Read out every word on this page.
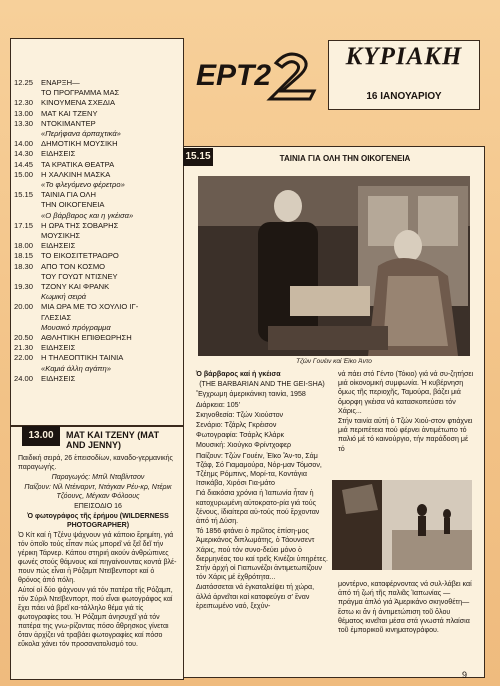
12.25	ΕΝΑΡΞΗ—
ΤΟ ΠΡΟΓΡΑΜΜΑ ΜΑΣ
12.30	ΚΙΝΟΥΜΕΝΑ ΣΧΕΔΙΑ
13.00	ΜΑΤ ΚΑΙ ΤΖΕΝΥ
13.30	ΝΤΟΚΙΜΑΝΤΕΡ
«Περήφανα άρπαχτικά»
14.00	ΔΗΜΟΤΙΚΗ ΜΟΥΣΙΚΗ
14.30	ΕΙΔΗΣΕΙΣ
14.45	ΤΑ ΚΡΑΤΙΚΑ ΘΕΑΤΡΑ
15.00	Η ΧΑΛΚΙΝΗ ΜΑΣΚΑ
«Το φλεγόμενο φέρετρο»
15.15	ΤΑΙΝΙΑ ΓΙΑ ΟΛΗ
ΤΗΝ ΟΙΚΟΓΕΝΕΙΑ
«Ο βάρβαρος και η γκέισα»
17.15	Η ΩΡΑ ΤΗΣ ΣΟΒΑΡΗΣ
ΜΟΥΣΙΚΗΣ
18.00	ΕΙΔΗΣΕΙΣ
18.15	ΤΟ ΕΙΚΟΣΙΤΕΤΡΑΩΡΟ
18.30	ΑΠΟ ΤΟΝ ΚΟΣΜΟ
ΤΟΥ ΓΟΥΩΤ ΝΤΙΣΝΕΥ
19.30	ΤΖΟΝΥ ΚΑΙ ΦΡΑΝΚ
Κωμική σειρά
20.00	ΜΙΑ ΩΡΑ ΜΕ ΤΟ ΧΟΥΛΙΟ ΙΓ-
ΓΛΕΣΙΑΣ
Μουσικό πρόγραμμα
20.50	ΑΘΛΗΤΙΚΗ ΕΠΙΘΕΩΡΗΣΗ
21.30	ΕΙΔΗΣΕΙΣ
22.00	Η ΤΗΛΕΟΠΤΙΚΗ ΤΑΙΝΙΑ
«Καμιά άλλη αγάπη»
24.00	ΕΙΔΗΣΕΙΣ
ΕΡΤ2
ΚΥΡΙΑΚΗ
16 ΙΑΝΟΥΑΡΙΟΥ
15.15	ΤΑΙΝΙΑ ΓΙΑ ΟΛΗ ΤΗΝ ΟΙΚΟΓΕΝΕΙΑ
Τζών Γουέιν καί Ἐϊκο Ἀντο

Ὁ βάρβαρος καί ἡ γκέισα

(THE BARBARIAN AND THE GEI-SHA)

Ἔγχρωμη ἀμερικάνικη ταινία, 1958

Διάρκεια: 105'

Σκηνοθεσία: Τζών Χιούστον

Σενάριο: Τζάρλς Γκρέισον

Φωτογραφία: Τσάρλς Κλάρκ

Μουσική: Χιούγκο Φρίντχοφερ

Παίζουν: Τζών Γουέιν, Ἐϊκο Ἄν-το, Σάμ Τζάφ, Σό Γιαμαμούρα, Νόρ-μαν Τόμσον, Τζέημς Ρόμπινς, Μορί-τα, Κοντάγια Ιτσικάβα, Χιρόσι Για-μάτο

Γιά διακόσια χρόνια ἡ Ἰαπωνία ἦταν ἡ κατοχυρωμένη αὐτοκρατο-ρία γιά τούς ξένους, ἰδιαίτερα αὐ-τούς πού ἔρχονταν ἀπό τή Δύση.

Τό 1856 φτάνει ὁ πρῶτος ἐπίση-μος Ἀμερικάνος διπλωμάτης, ὁ Τάουνσεντ Χάρις, πού τόν συνο-δεύει μόνο ὁ διερμηνέας του καί τρεῖς Κινέζοι ὑπηρέτες. Στήν ἀρχή οἱ Γιαπωνέζοι ἀντιμετωπίζουν τόν Χάρις μέ ἐχθρότητα...

Διατάσσεται νά ἐγκαταλείψει τή χώρα, ἀλλά ἀρνεῖται καί καταφεύγει σ' ἕναν ἐρειπωμένο ναό, ξεχύν-

νά πάει στό Γέντο (Τόκιο) γιά νά συ-ζητήσει μιά οἰκονομική συμφωνία. Ἡ κυβέρνηση ὅμως τῆς περιοχῆς, Ταμούρα, βάζει μιά ὄμορφη γκέισα νά κατασκοπεύσει τόν Χάρις...

Στήν ταινία αὐτή ὁ Τζών Χιού-στον φτιάχνει μιά περιπέτεια πού φέρνει ἀντιμέτωπο τό παλιό μέ τό καινούργιο, τήν παράδοση μέ τό

μοντέρνο, καταφέρνοντας νά συλ-λάβει καί ἀπό τή ζωή τῆς παλιᾶς Ἰαπωνίας —πράγμα ἀπλό γιά Ἀμερικάνο σκηνοθέτη— ἔστω κι ἄν ἡ ἀντιμετώπιση τοῦ ὅλου θέματος κινεῖται μέσα στά γνωστά πλαίσια τοῦ ἐμπορικοῦ κινηματογράφου.

13.00	ΜΑΤ ΚΑΙ ΤΖΕΝΥ (MAT AND JENNY)

Παιδική σειρά, 26 ἐπεισοδίων, καναδο-γερμανικής παραγωγής.

Παραγωγός: Μπίλ Νταβίντσον

Παίζουν: Νίλ Ντέιναρντ, Ντάγκαν Ρέυ-κρ, Ντέρικ Τζόουνς, Μέγκαν Φόλοους

ΕΠΕΙΣΟΔΙΟ 16

Ὁ φωτογράφος τῆς ἐρήμου (WILDERNESS PHOTOGRAPHER)

Ὁ Κίτ καί ἡ Τζένυ ψάχνουν γιά κάποιο ἔρημίτη, γιά τόν ὁποῖο τούς εἶπαν πώς μπορεῖ νά ξεῖ δεῖ τήν γέρικη Τάρνερ. Κάπου στηριή ακούν ἀνθρώπινες φωνές στούς θάμνους καί πηγαίνουντας κοντά βλέ-πουν πώς εἶναι ἡ Ρόζαμπ Ντεϊβενπορτ καί ὁ θρόνος ἀπό πόλη.

Αὐτοί οἱ δύο ψάχνουν γιά τόν πατέρα τῆς Ρόζαμπ, τόν Σύριλ Ντεϊβενπορτ, πού εἶναι φωτογράφος καί ἔχει πάει νά βρεῖ κα-τάλληλο θέμα γιά τίς φωτογραφίες του. Ἡ Ρόζαμπ ἀνησυχεῖ γιά τόν πατέρα της γνω-ρίζοντας πόσο ἄθρησκος γίνεται ὅταν ἀρχίζει νά τραβάει φωτογραφίες καί πόσο εὔκολα χάνει τόν προσανατολισμό του.

9
